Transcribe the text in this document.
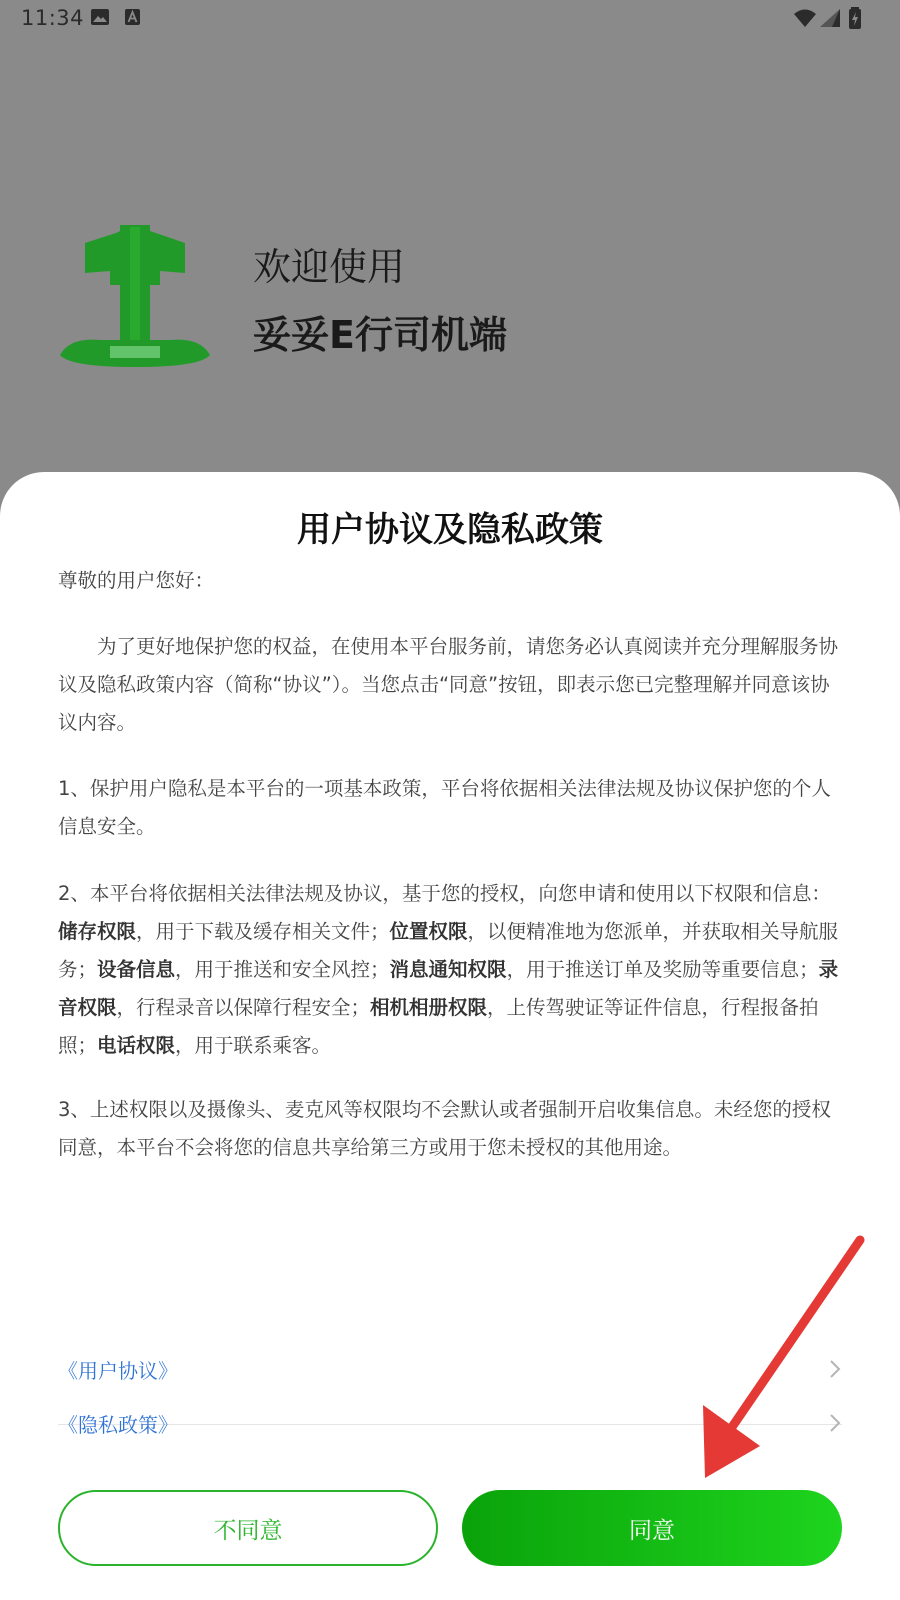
11:34
欢迎使用
妥妥E行司机端
用户协议及隐私政策
尊敬的用户您好：
为了更好地保护您的权益，在使用本平台服务前，请您务必认真阅读并充分理解服务协议及隐私政策内容（简称“协议”）。当您点击“同意”按钮，即表示您已完整理解并同意该协议内容。
1、保护用户隐私是本平台的一项基本政策，平台将依据相关法律法规及协议保护您的个人信息安全。
2、本平台将依据相关法律法规及协议，基于您的授权，向您申请和使用以下权限和信息：储存权限，用于下载及缓存相关文件；位置权限，以便精准地为您派单，并获取相关导航服务；设备信息，用于推送和安全风控；消息通知权限，用于推送订单及奖励等重要信息；录音权限，行程录音以保障行程安全；相机相册权限，上传驾驶证等证件信息，行程报备拍照；电话权限，用于联系乘客。
3、上述权限以及摄像头、麦克风等权限均不会默认或者强制开启收集信息。未经您的授权同意，本平台不会将您的信息共享给第三方或用于您未授权的其他用途。
《用户协议》
《隐私政策》
不同意	同意
